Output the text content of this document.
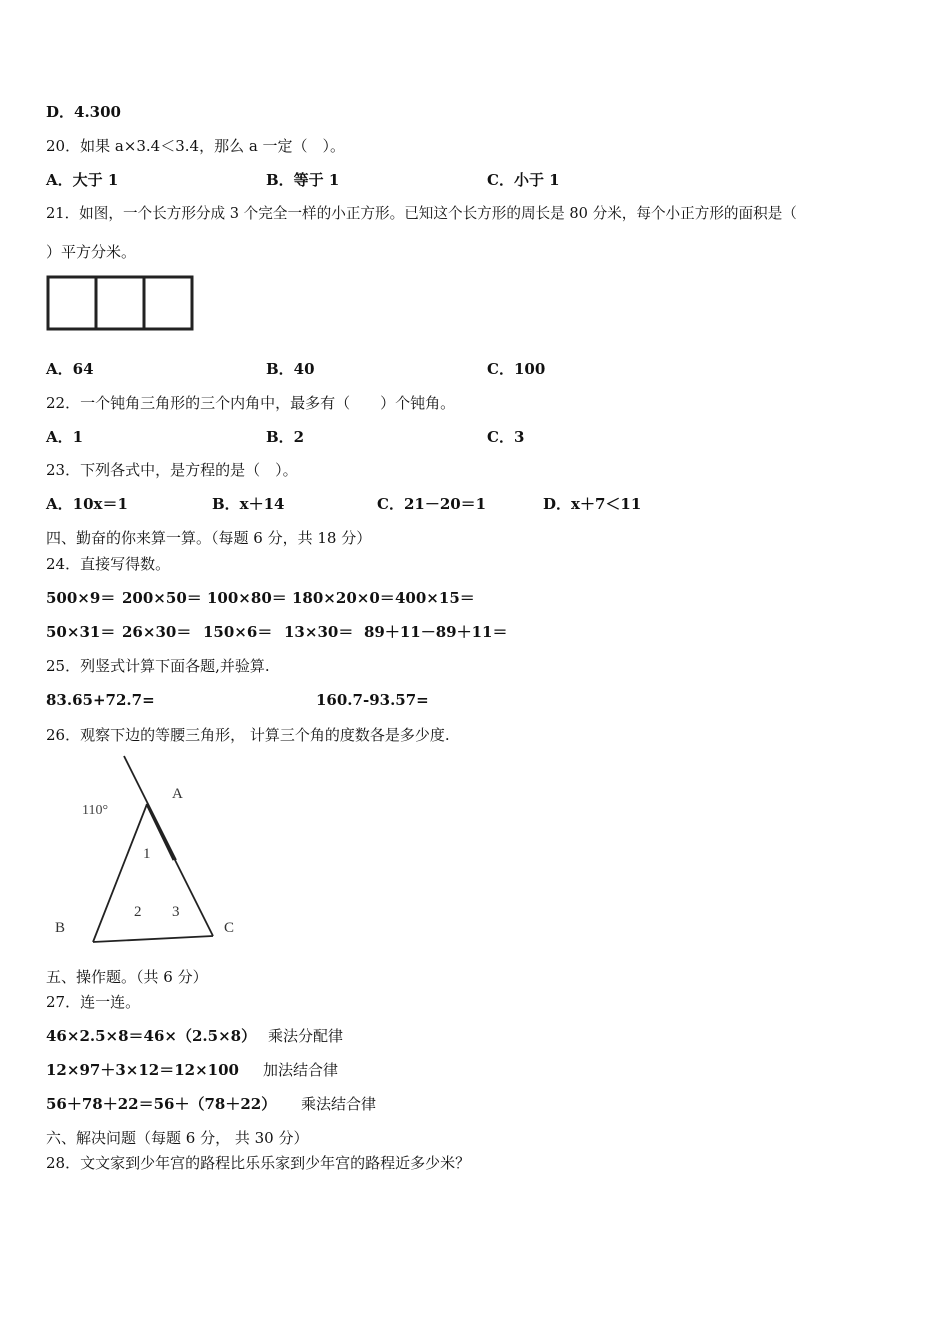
D．4.300
20．如果 a×3.4＜3.4，那么 a 一定（　）。
A．大于 1	B．等于 1	C．小于 1
21．如图，一个长方形分成 3 个完全一样的小正方形。已知这个长方形的周长是 80 分米，每个小正方形的面积是（
）平方分米。
A．64	B．40	C．100
22．一个钝角三角形的三个内角中，最多有（　　）个钝角。
A．1	B．2	C．3
23．下列各式中，是方程的是（　）。
A．10x＝1	B．x＋14	C．21－20＝1	D．x＋7＜11
四、勤奋的你来算一算。（每题 6 分，共 18 分）
24．直接写得数。
500×9＝ 200×50＝ 100×80＝ 180×20×0＝ 400×15＝
50×31＝ 26×30＝ 150×6＝ 13×30＝ 89＋11－89＋11＝
25．列竖式计算下面各题,并验算.
83.65+72.7=	160.7-93.57=
26．观察下边的等腰三角形， 计算三个角的度数各是多少度.
110°
A
1
2 3
B	C
五、操作题。（共 6 分）
27．连一连。
46×2.5×8＝46×（2.5×8） 乘法分配律
12×97＋3×12＝12×100 加法结合律
56＋78＋22＝56＋（78＋22） 乘法结合律
六、解决问题（每题 6 分， 共 30 分）
28．文文家到少年宫的路程比乐乐家到少年宫的路程近多少米？
